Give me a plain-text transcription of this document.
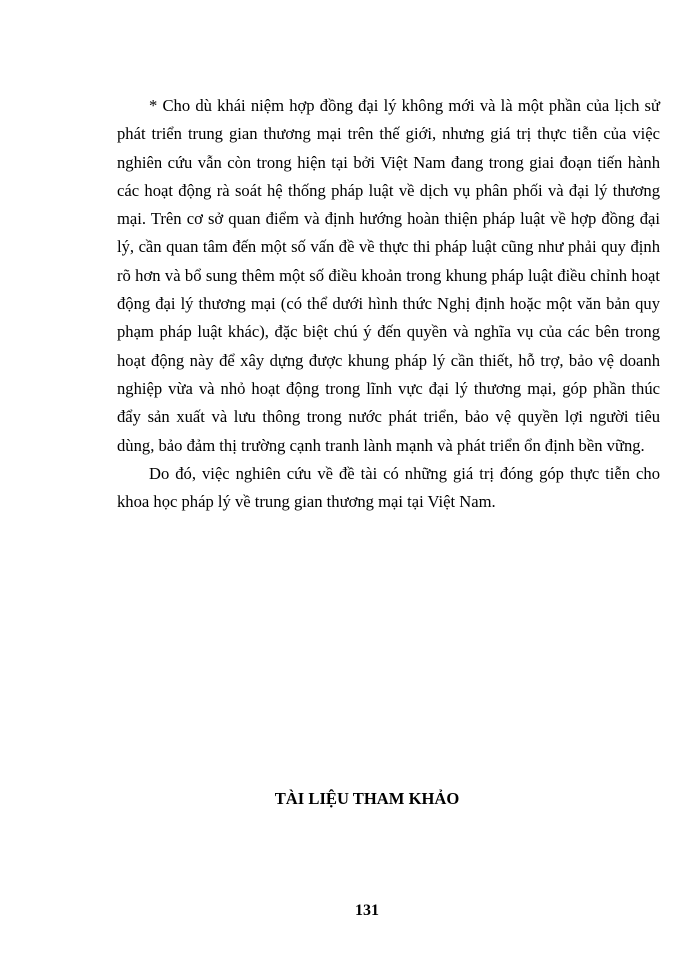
* Cho dù khái niệm hợp đồng đại lý không mới và là một phần của lịch sử phát triển trung gian thương mại trên thế giới, nhưng giá trị thực tiễn của việc nghiên cứu vẫn còn trong hiện tại bởi Việt Nam đang trong giai đoạn tiến hành các hoạt động rà soát hệ thống pháp luật về dịch vụ phân phối và đại lý thương mại. Trên cơ sở quan điểm và định hướng hoàn thiện pháp luật về hợp đồng đại lý, cần quan tâm đến một số vấn đề về thực thi pháp luật cũng như phải quy định rõ hơn và bổ sung thêm một số điều khoản trong khung pháp luật điều chỉnh hoạt động đại lý thương mại (có thể dưới hình thức Nghị định hoặc một văn bản quy phạm pháp luật khác), đặc biệt chú ý đến quyền và nghĩa vụ của các bên trong hoạt động này để xây dựng được khung pháp lý cần thiết, hỗ trợ, bảo vệ doanh nghiệp vừa và nhỏ hoạt động trong lĩnh vực đại lý thương mại, góp phần thúc đẩy sản xuất và lưu thông trong nước phát triển, bảo vệ quyền lợi người tiêu dùng, bảo đảm thị trường cạnh tranh lành mạnh và phát triển ổn định bền vững.

Do đó, việc nghiên cứu về đề tài có những giá trị đóng góp thực tiễn cho khoa học pháp lý về trung gian thương mại tại Việt Nam.

TÀI LIỆU THAM KHẢO
131
